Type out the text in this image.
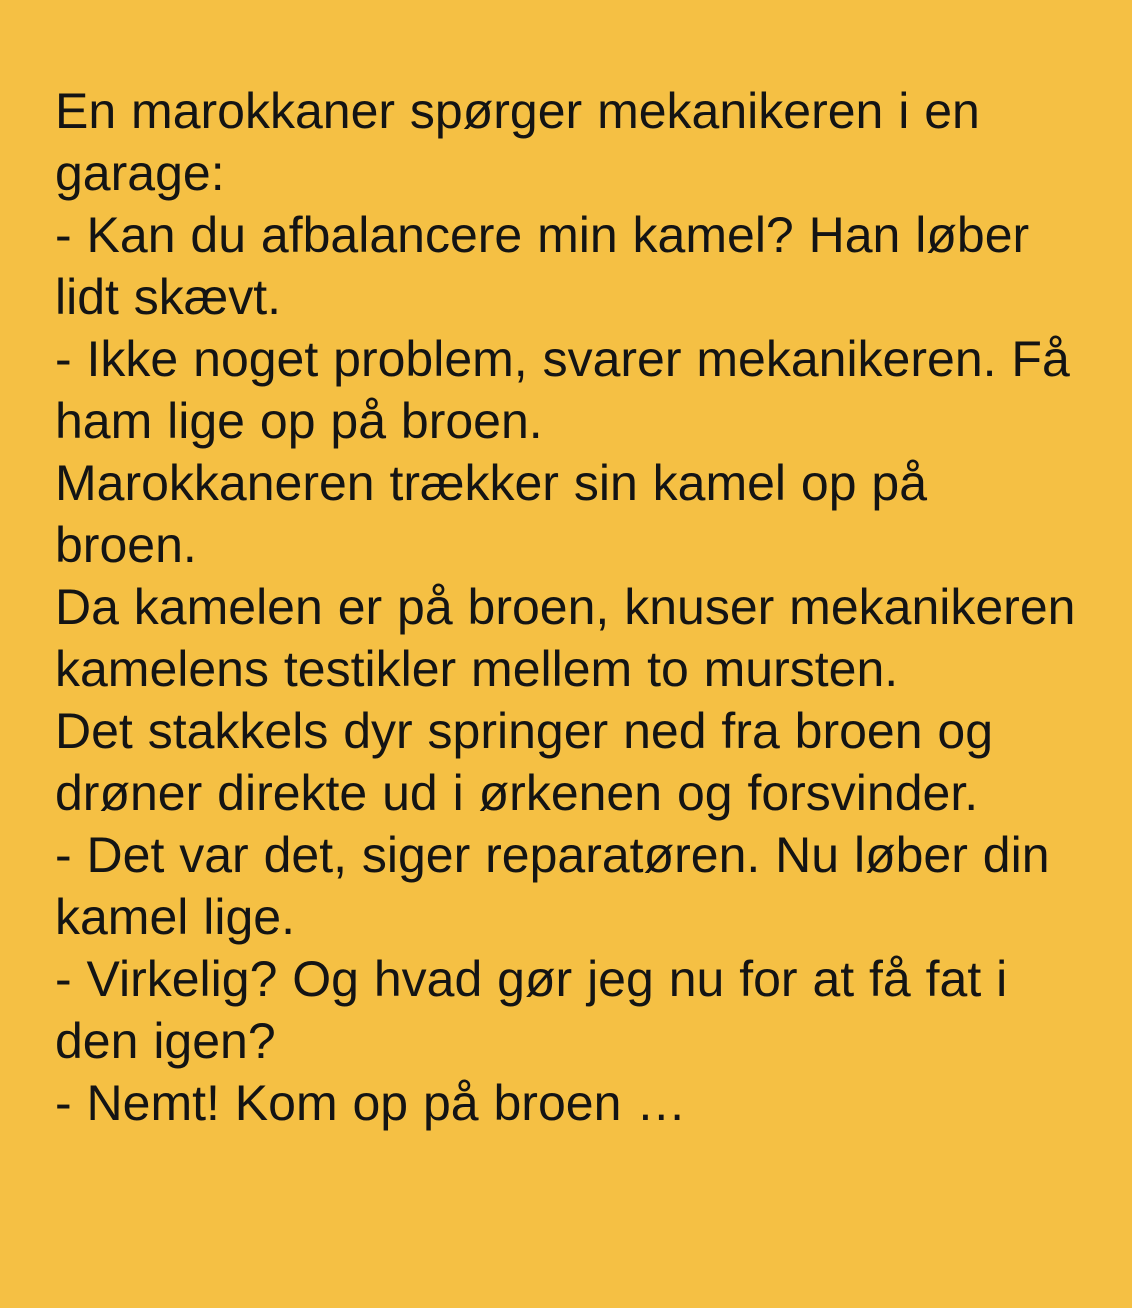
En marokkaner spørger mekanikeren i en garage:

- Kan du afbalancere min kamel? Han løber lidt skævt.

- Ikke noget problem, svarer mekanikeren. Få ham lige op på broen.

Marokkaneren trækker sin kamel op på broen.

Da kamelen er på broen, knuser mekanikeren kamelens testikler mellem to mursten.

Det stakkels dyr springer ned fra broen og drøner direkte ud i ørkenen og forsvinder.

- Det var det, siger reparatøren. Nu løber din kamel lige.

- Virkelig? Og hvad gør jeg nu for at få fat i den igen?

- Nemt! Kom op på broen …
